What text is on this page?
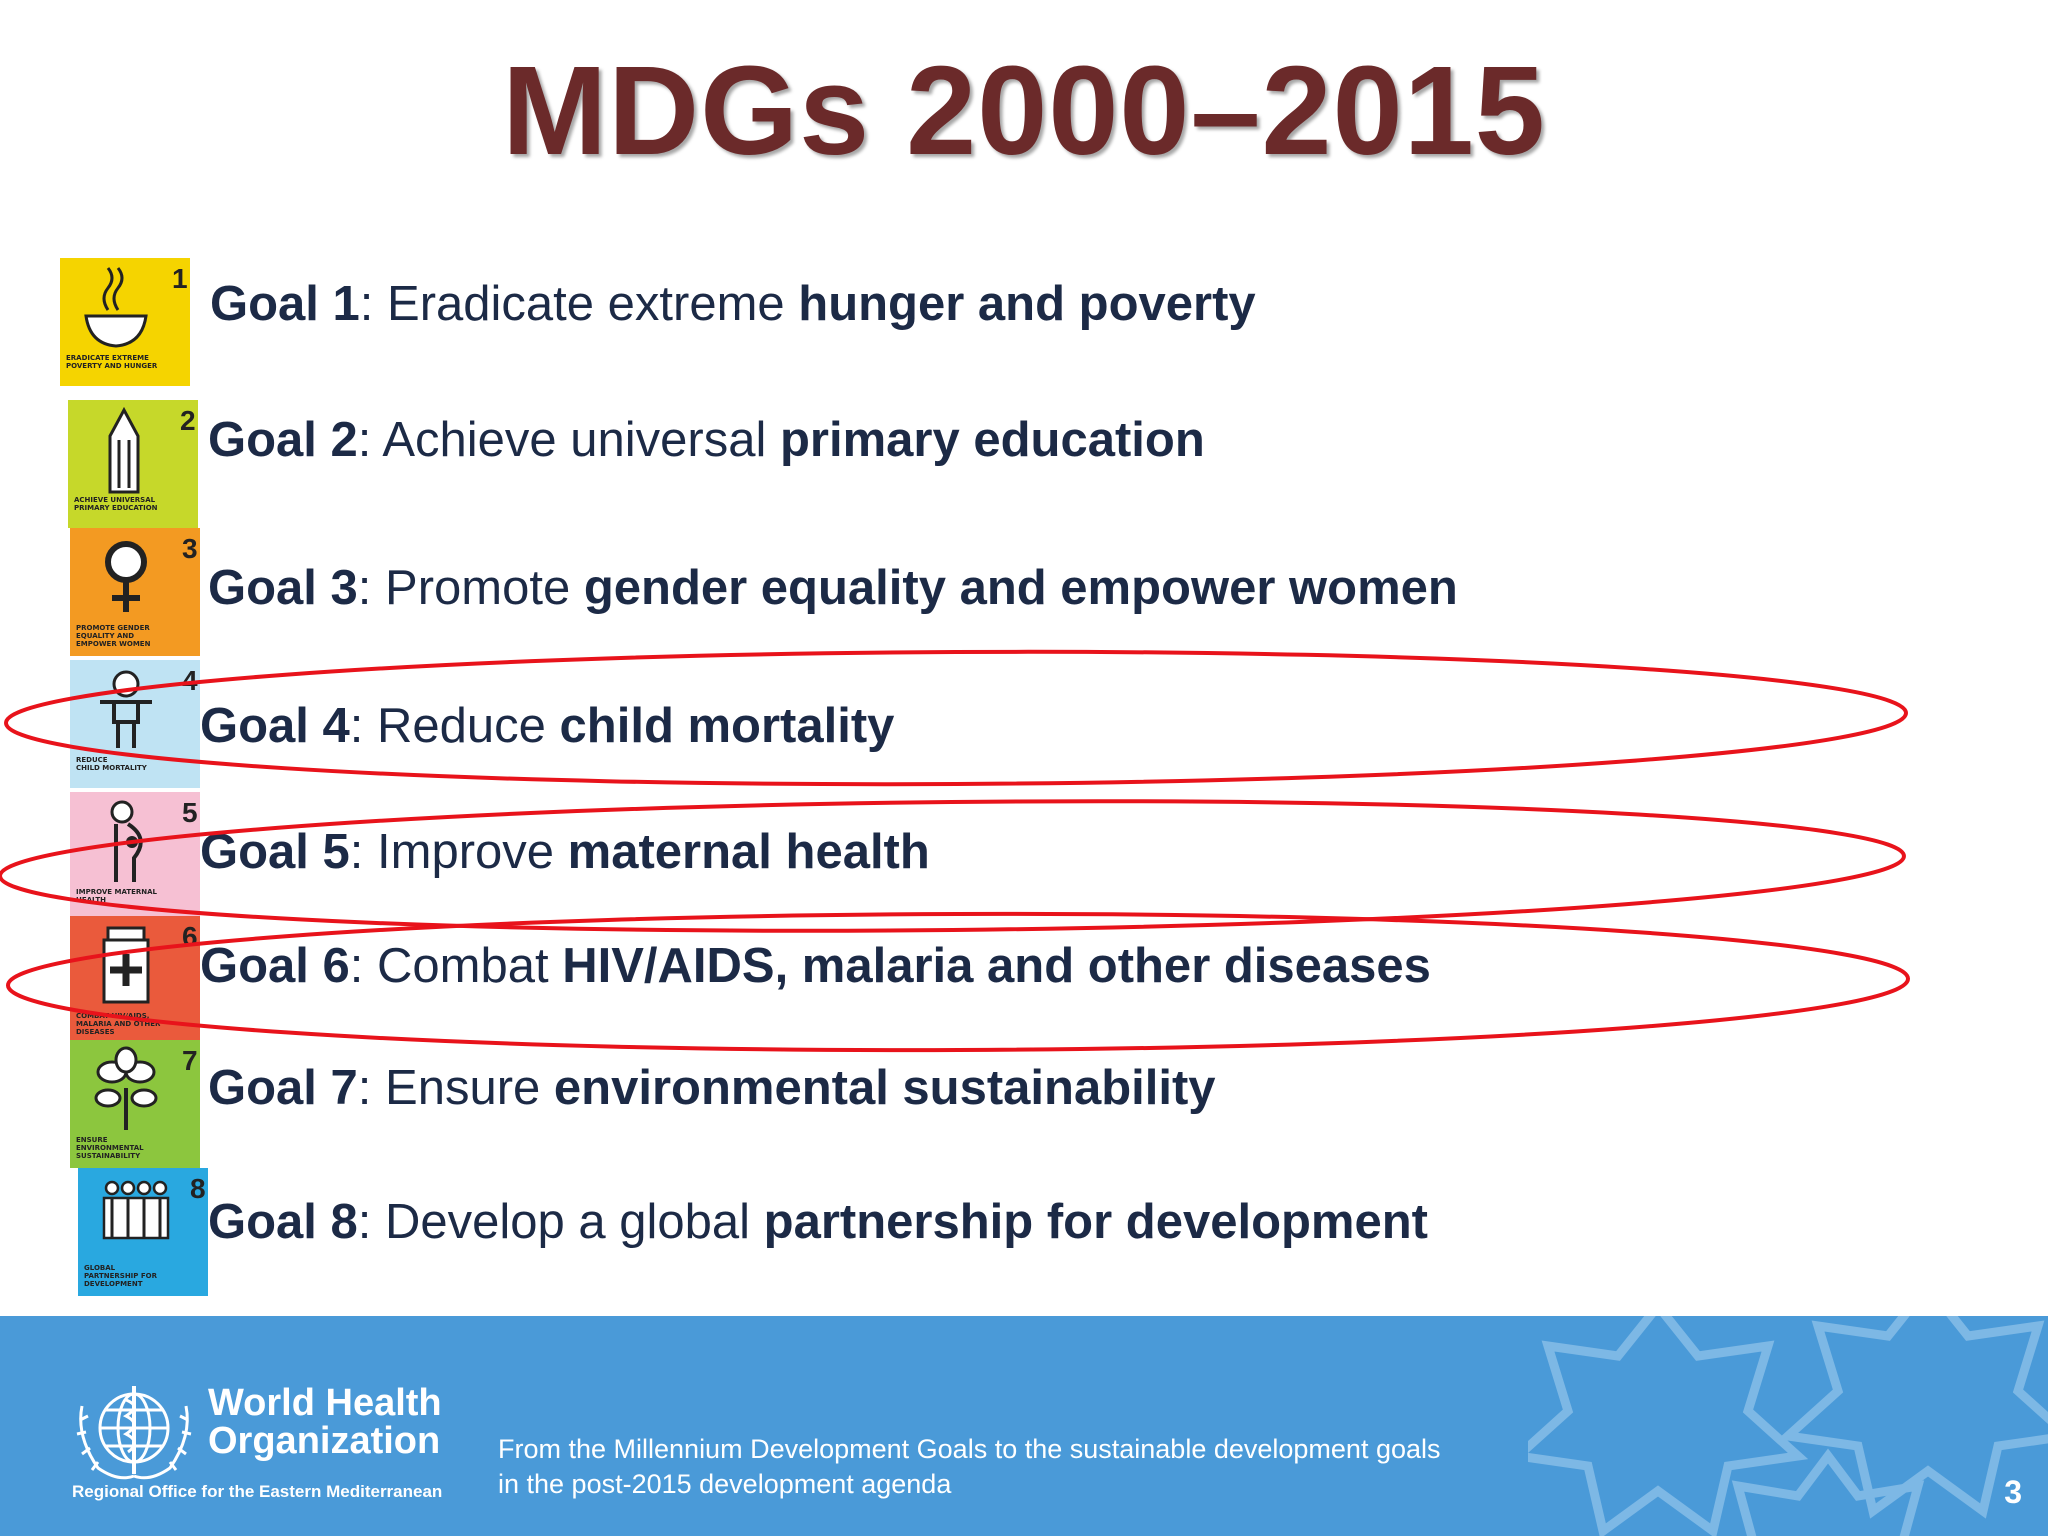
MDGs 2000–2015
1
ERADICATE EXTREME
POVERTY AND HUNGER
2
ACHIEVE UNIVERSAL
PRIMARY EDUCATION
3
PROMOTE GENDER
EQUALITY AND
EMPOWER WOMEN
4
REDUCE
CHILD MORTALITY
5
IMPROVE MATERNAL
HEALTH
6
COMBAT HIV/AIDS,
MALARIA AND OTHER
DISEASES
7
ENSURE
ENVIRONMENTAL
SUSTAINABILITY
8
GLOBAL
PARTNERSHIP FOR
DEVELOPMENT
Goal 1: Eradicate extreme hunger and poverty
Goal 2: Achieve universal primary education
Goal 3: Promote gender equality and empower women
Goal 4: Reduce child mortality
Goal 5: Improve maternal health
Goal 6: Combat HIV/AIDS, malaria and other diseases
Goal 7: Ensure environmental sustainability
Goal 8: Develop a global partnership for development
World Health
Organization
Regional Office for the Eastern Mediterranean
From the Millennium Development Goals to the sustainable development goals
in the post-2015 development agenda	3
